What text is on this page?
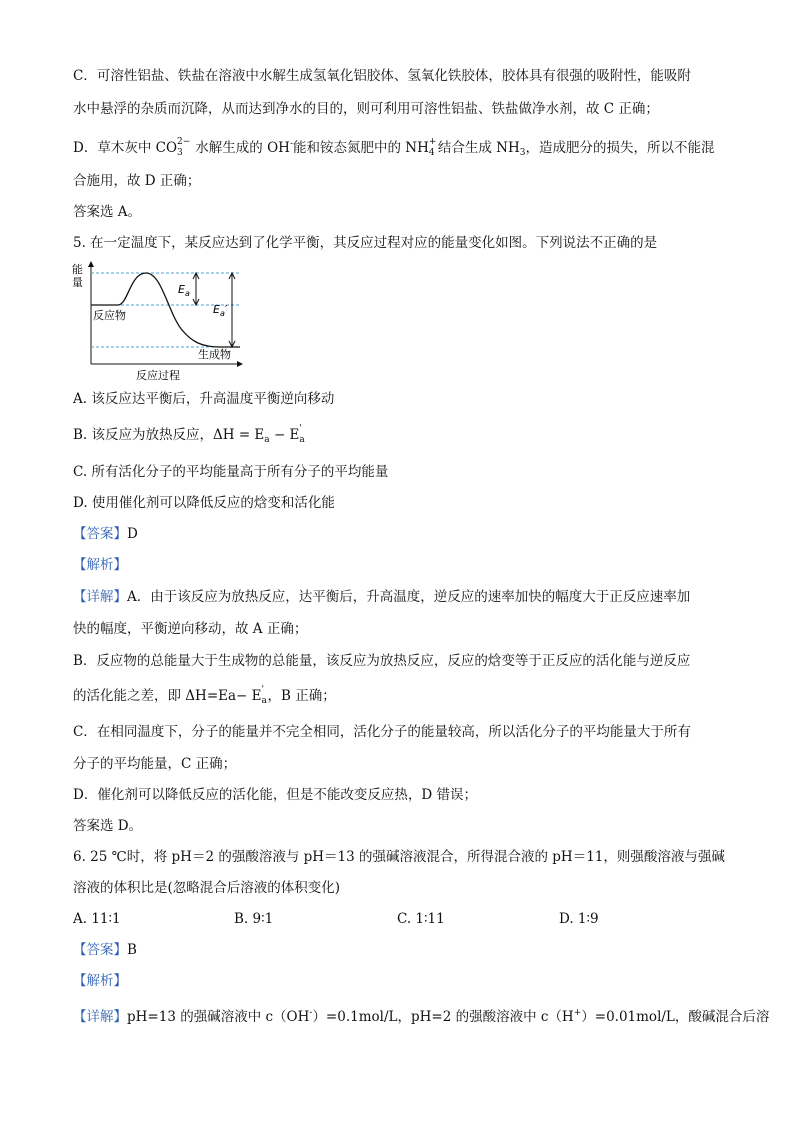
C．可溶性铝盐、铁盐在溶液中水解生成氢氧化铝胶体、氢氧化铁胶体，胶体具有很强的吸附性，能吸附
水中悬浮的杂质而沉降，从而达到净水的目的，则可利用可溶性铝盐、铁盐做净水剂，故 C 正确；
D．草木灰中 CO 2−
3 水解生成的 OH-能和铵态氮肥中的 NH +
4 结合生成 $NH_3$，造成肥分的损失，所以不能混
合施用，故 D 正确；
答案选 A。
5. 在一定温度下，某反应达到了化学平衡，其反应过程对应的能量变化如图。下列说法不正确的是
能
量
反应物
生成物
反应过程
$E_a$
$E_a'$
A. 该反应达平衡后，升高温度平衡逆向移动
B. 该反应为放热反应，$\Delta H = E_a - E$ '
a
C. 所有活化分子的平均能量高于所有分子的平均能量
D. 使用催化剂可以降低反应的焓变和活化能
【答案】D
【解析】
【详解】A．由于该反应为放热反应，达平衡后，升高温度，逆反应的速率加快的幅度大于正反应速率加
快的幅度，平衡逆向移动，故 A 正确；
B．反应物的总能量大于生成物的总能量，该反应为放热反应，反应的焓变等于正反应的活化能与逆反应
的活化能之差，即 ΔH=Ea− E '
a ，B 正确；
C．在相同温度下，分子的能量并不完全相同，活化分子的能量较高，所以活化分子的平均能量大于所有
分子的平均能量，C 正确；
D．催化剂可以降低反应的活化能，但是不能改变反应热，D 错误；
答案选 D。
6. 25 ℃时，将 pH＝2 的强酸溶液与 pH＝13 的强碱溶液混合，所得混合液的 pH＝11，则强酸溶液与强碱
溶液的体积比是(忽略混合后溶液的体积变化)
A. 11∶1	B. 9∶1	C. 1∶11	D. 1∶9
【答案】B
【解析】
【详解】pH=13 的强碱溶液中 c（OH-）=0.1mol/L，pH=2 的强酸溶液中 c（H+）=0.01mol/L，酸碱混合后溶
